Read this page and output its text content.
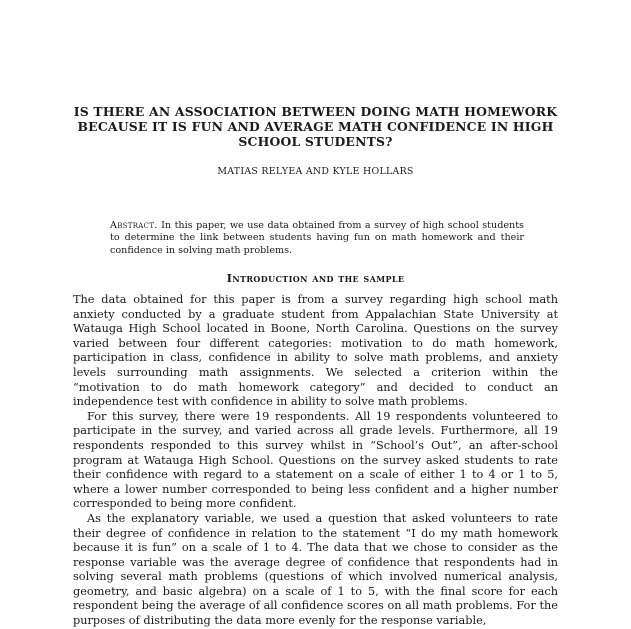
IS THERE AN ASSOCIATION BETWEEN DOING MATH HOMEWORK BECAUSE IT IS FUN AND AVERAGE MATH CONFIDENCE IN HIGH SCHOOL STUDENTS?
MATIAS RELYEA AND KYLE HOLLARS

Abstract. In this paper, we use data obtained from a survey of high school students to determine the link between students having fun on math homework and their confidence in solving math problems.

Introduction and the sample

The data obtained for this paper is from a survey regarding high school math anxiety conducted by a graduate student from Appalachian State University at Watauga High School located in Boone, North Carolina. Questions on the survey varied between four different categories: motivation to do math homework, participation in class, confidence in ability to solve math problems, and anxiety levels surrounding math assignments. We selected a criterion within the “motivation to do math homework category” and decided to conduct an independence test with confidence in ability to solve math problems.

For this survey, there were 19 respondents. All 19 respondents volunteered to participate in the survey, and varied across all grade levels. Furthermore, all 19 respondents responded to this survey whilst in “School’s Out”, an after-school program at Watauga High School. Questions on the survey asked students to rate their confidence with regard to a statement on a scale of either 1 to 4 or 1 to 5, where a lower number corresponded to being less confident and a higher number corresponded to being more confident.

As the explanatory variable, we used a question that asked volunteers to rate their degree of confidence in relation to the statement “I do my math homework because it is fun” on a scale of 1 to 4. The data that we chose to consider as the response variable was the average degree of confidence that respondents had in solving several math problems (questions of which involved numerical analysis, geometry, and basic algebra) on a scale of 1 to 5, with the final score for each respondent being the average of all confidence scores on all math problems. For the purposes of distributing the data more evenly for the response variable,
